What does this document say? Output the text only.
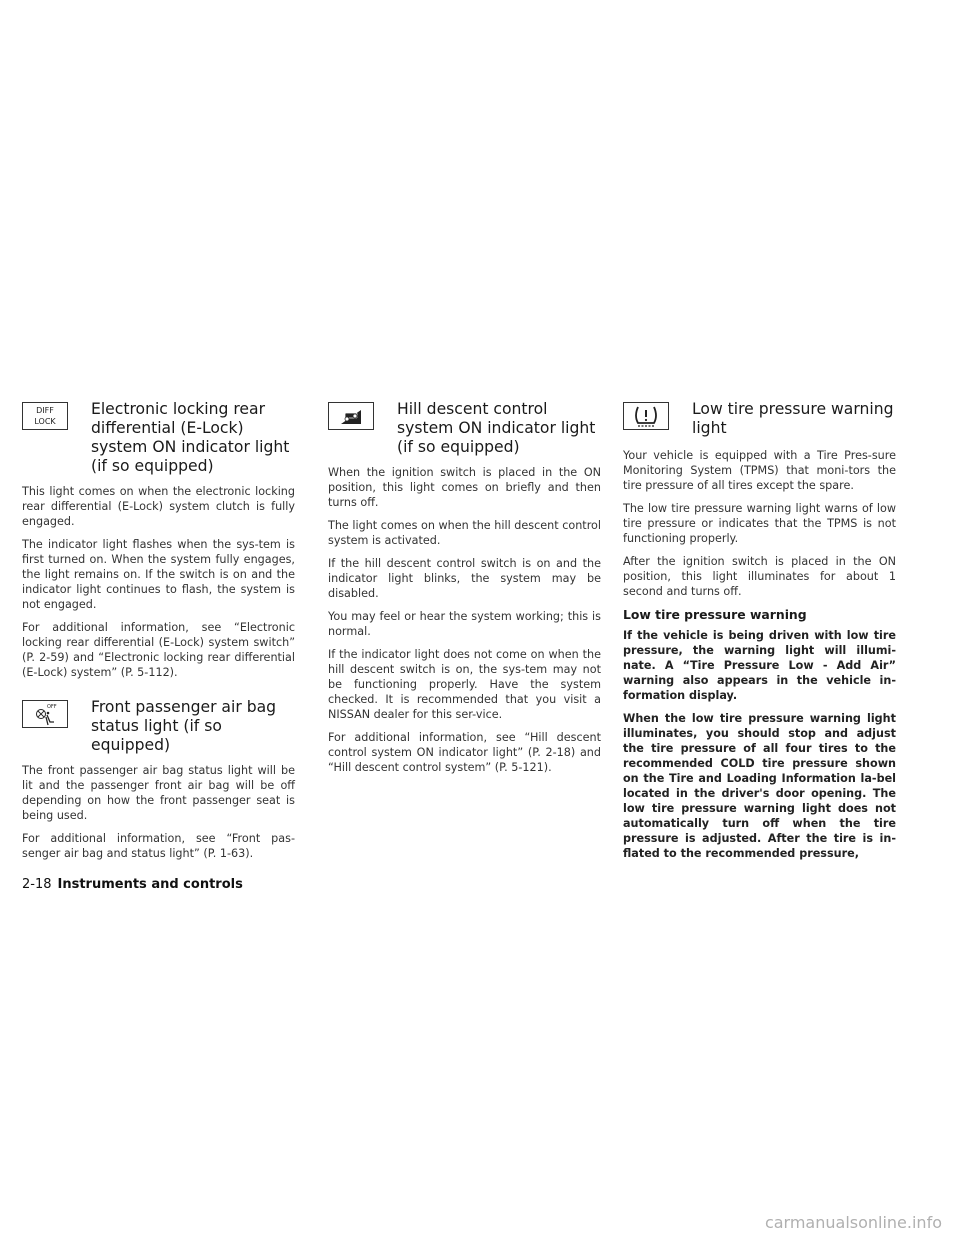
DIFF
LOCK
Electronic locking rear differential (E-Lock) system ON indicator light (if so equipped)

This light comes on when the electronic locking rear differential (E-Lock) system clutch is fully engaged.

The indicator light flashes when the sys-tem is first turned on. When the system fully engages, the light remains on. If the switch is on and the indicator light continues to flash, the system is not engaged.

For additional information, see “Electronic locking rear differential (E-Lock) system switch” (P. 2-59) and “Electronic locking rear differential (E-Lock) system” (P. 5-112).

OFF Front passenger air bag status light (if so equipped)

The front passenger air bag status light will be lit and the passenger front air bag will be off depending on how the front passenger seat is being used.

For additional information, see “Front pas-senger air bag and status light” (P. 1-63).

Hill descent control system ON indicator light (if so equipped)

When the ignition switch is placed in the ON position, this light comes on briefly and then turns off.

The light comes on when the hill descent control system is activated.

If the hill descent control switch is on and the indicator light blinks, the system may be disabled.

You may feel or hear the system working; this is normal.

If the indicator light does not come on when the hill descent switch is on, the sys-tem may not be functioning properly. Have the system checked. It is recommended that you visit a NISSAN dealer for this ser-vice.

For additional information, see “Hill descent control system ON indicator light” (P. 2-18) and “Hill descent control system” (P. 5-121).

Low tire pressure warning light

Your vehicle is equipped with a Tire Pres-sure Monitoring System (TPMS) that moni-tors the tire pressure of all tires except the spare.

The low tire pressure warning light warns of low tire pressure or indicates that the TPMS is not functioning properly.

After the ignition switch is placed in the ON position, this light illuminates for about 1 second and turns off.

Low tire pressure warning

If the vehicle is being driven with low tire pressure, the warning light will illumi-nate. A “Tire Pressure Low - Add Air” warning also appears in the vehicle in-formation display.

When the low tire pressure warning light illuminates, you should stop and adjust the tire pressure of all four tires to the recommended COLD tire pressure shown on the Tire and Loading Information la-bel located in the driver's door opening. The low tire pressure warning light does not automatically turn off when the tire pressure is adjusted. After the tire is in-flated to the recommended pressure,

2-18 Instruments and controls
carmanualsonline.info
